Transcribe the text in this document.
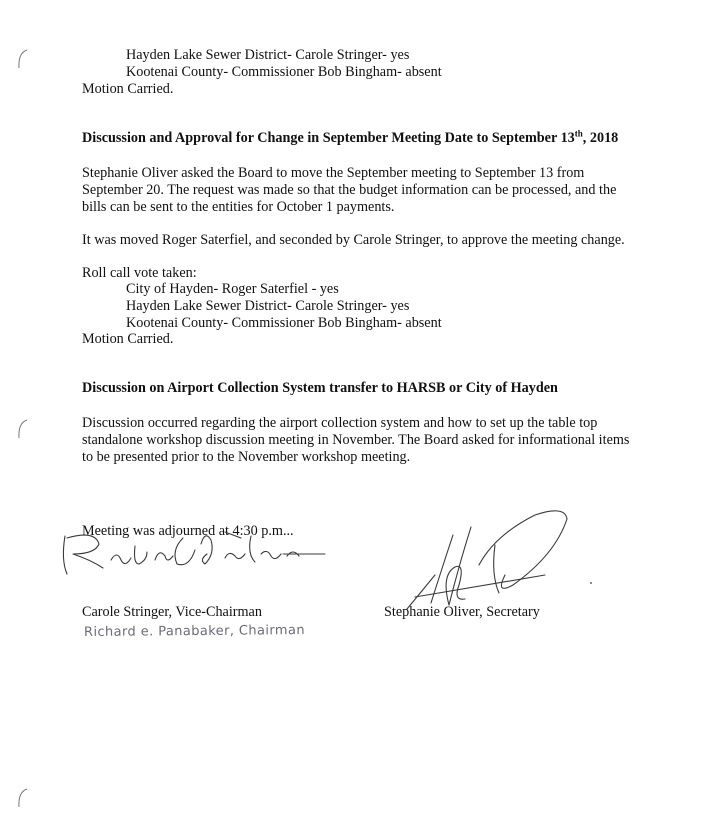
Hayden Lake Sewer District- Carole Stringer- yes
Kootenai County- Commissioner Bob Bingham- absent
Motion Carried.
Discussion and Approval for Change in September Meeting Date to September 13th, 2018
Stephanie Oliver asked the Board to move the September meeting to September 13 from
September 20. The request was made so that the budget information can be processed, and the
bills can be sent to the entities for October 1 payments.
It was moved Roger Saterfiel, and seconded by Carole Stringer, to approve the meeting change.
Roll call vote taken:
City of Hayden- Roger Saterfiel - yes
Hayden Lake Sewer District- Carole Stringer- yes
Kootenai County- Commissioner Bob Bingham- absent
Motion Carried.
Discussion on Airport Collection System transfer to HARSB or City of Hayden
Discussion occurred regarding the airport collection system and how to set up the table top
standalone workshop discussion meeting in November. The Board asked for informational items
to be presented prior to the November workshop meeting.
Meeting was adjourned at 4:30 p.m...
Carole Stringer, Vice-Chairman	Stephanie Oliver, Secretary
Richard e. Panabaker, Chairman
